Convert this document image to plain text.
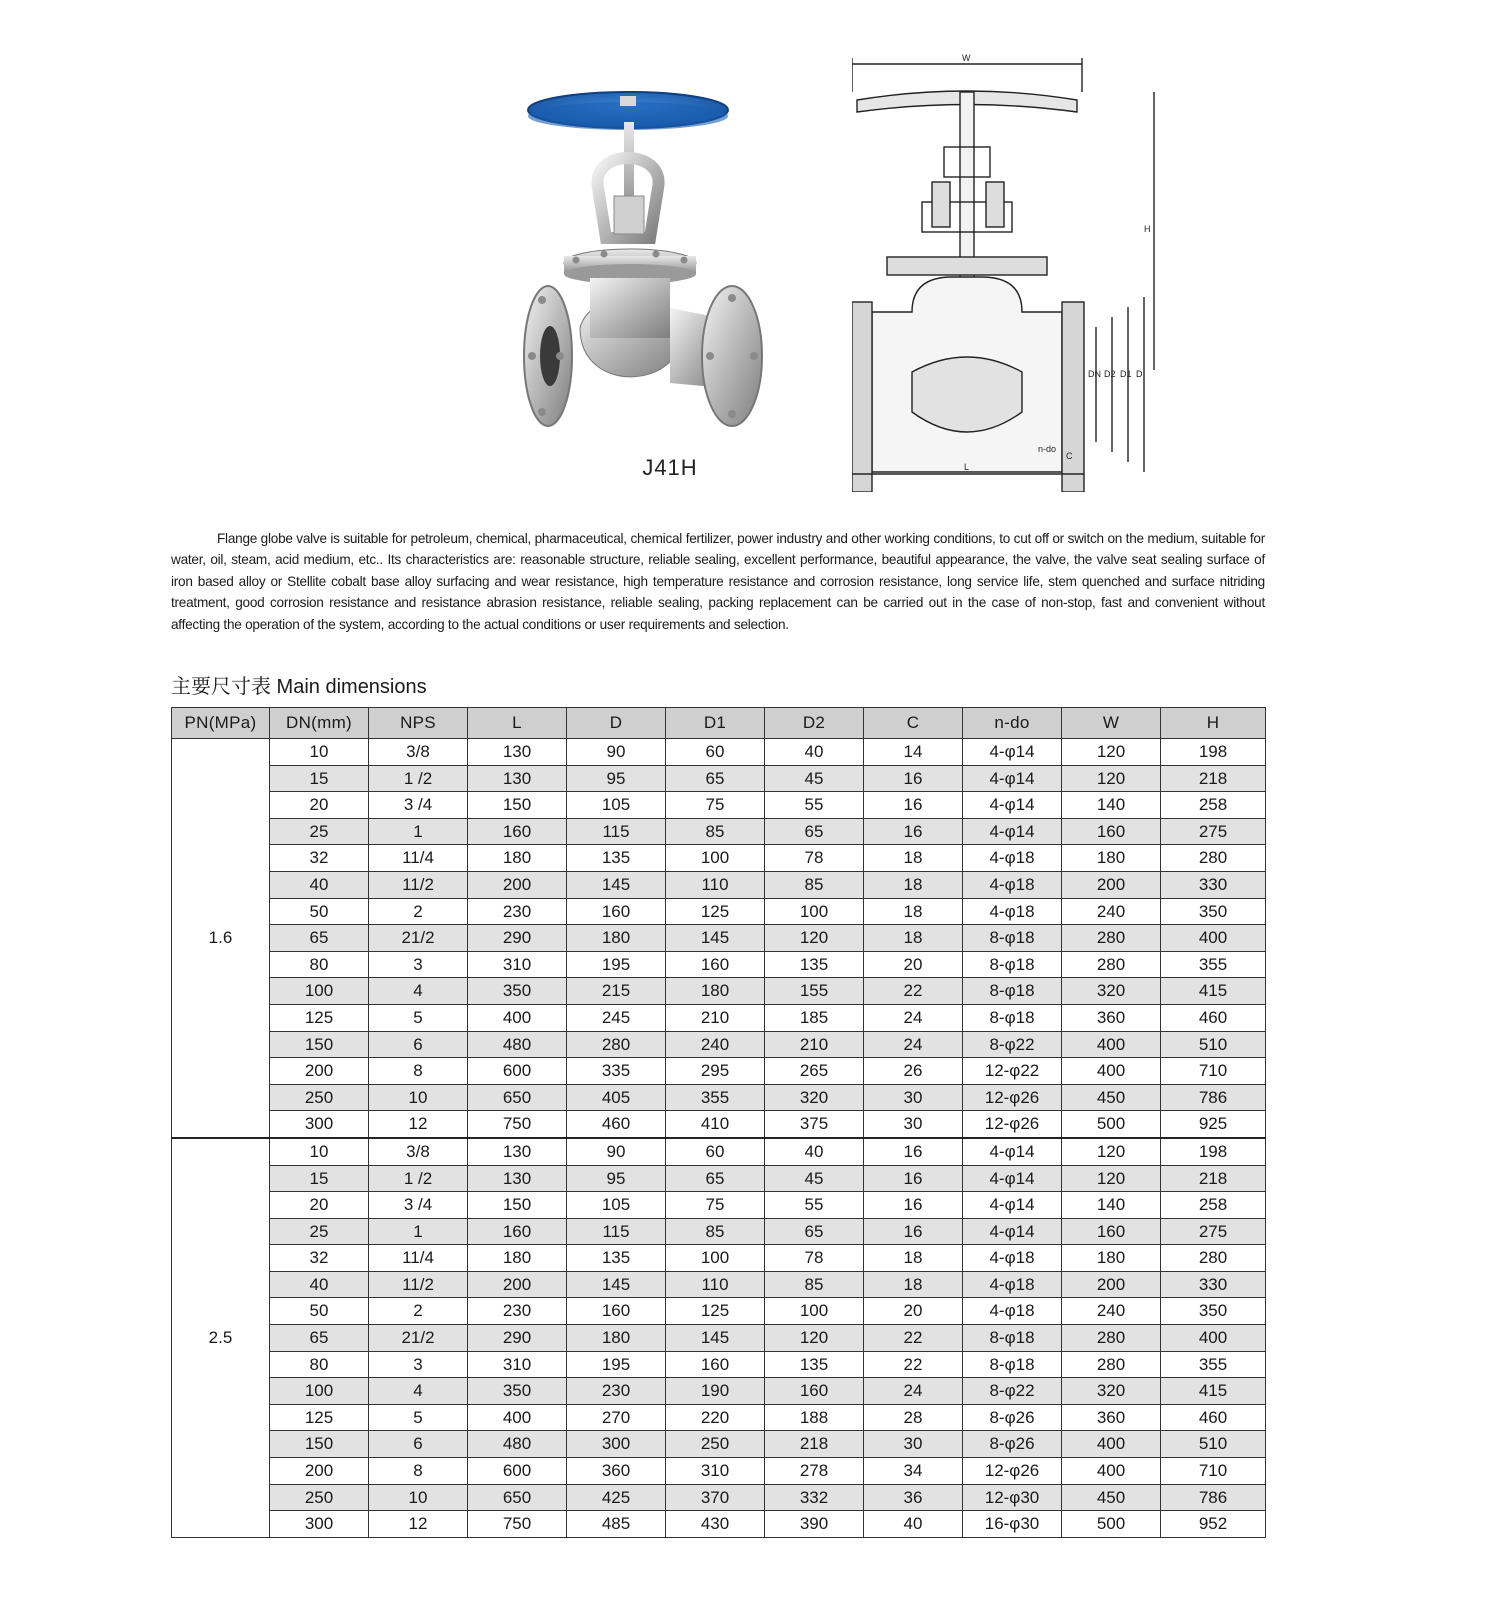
J41H
W
H
DN D2 D1 D
n-do
C
L

Flange globe valve is suitable for petroleum, chemical, pharmaceutical, chemical fertilizer, power industry and other working conditions, to cut off or switch on the medium, suitable for water, oil, steam, acid medium, etc.. Its characteristics are: reasonable structure, reliable sealing, excellent performance, beautiful appearance, the valve, the valve seat sealing surface of iron based alloy or Stellite cobalt base alloy surfacing and wear resistance, high temperature resistance and corrosion resistance, long service life, stem quenched and surface nitriding treatment, good corrosion resistance and resistance abrasion resistance, reliable sealing, packing replacement can be carried out in the case of non-stop, fast and convenient without affecting the operation of the system, according to the actual conditions or user requirements and selection.

主要尺寸表 Main dimensions
PN(MPa)	DN(mm)	NPS	L	D	D1	D2	C	n-do	W	H
1.6	10	3/8	130	90	60	40	14	4-φ14	120	198
	15	1 /2	130	95	65	45	16	4-φ14	120	218
	20	3 /4	150	105	75	55	16	4-φ14	140	258
	25	1	160	115	85	65	16	4-φ14	160	275
	32	11/4	180	135	100	78	18	4-φ18	180	280
	40	11/2	200	145	110	85	18	4-φ18	200	330
	50	2	230	160	125	100	18	4-φ18	240	350
	65	21/2	290	180	145	120	18	8-φ18	280	400
	80	3	310	195	160	135	20	8-φ18	280	355
	100	4	350	215	180	155	22	8-φ18	320	415
	125	5	400	245	210	185	24	8-φ18	360	460
	150	6	480	280	240	210	24	8-φ22	400	510
	200	8	600	335	295	265	26	12-φ22	400	710
	250	10	650	405	355	320	30	12-φ26	450	786
	300	12	750	460	410	375	30	12-φ26	500	925
2.5	10	3/8	130	90	60	40	16	4-φ14	120	198
	15	1 /2	130	95	65	45	16	4-φ14	120	218
	20	3 /4	150	105	75	55	16	4-φ14	140	258
	25	1	160	115	85	65	16	4-φ14	160	275
	32	11/4	180	135	100	78	18	4-φ18	180	280
	40	11/2	200	145	110	85	18	4-φ18	200	330
	50	2	230	160	125	100	20	4-φ18	240	350
	65	21/2	290	180	145	120	22	8-φ18	280	400
	80	3	310	195	160	135	22	8-φ18	280	355
	100	4	350	230	190	160	24	8-φ22	320	415
	125	5	400	270	220	188	28	8-φ26	360	460
	150	6	480	300	250	218	30	8-φ26	400	510
	200	8	600	360	310	278	34	12-φ26	400	710
	250	10	650	425	370	332	36	12-φ30	450	786
	300	12	750	485	430	390	40	16-φ30	500	952
